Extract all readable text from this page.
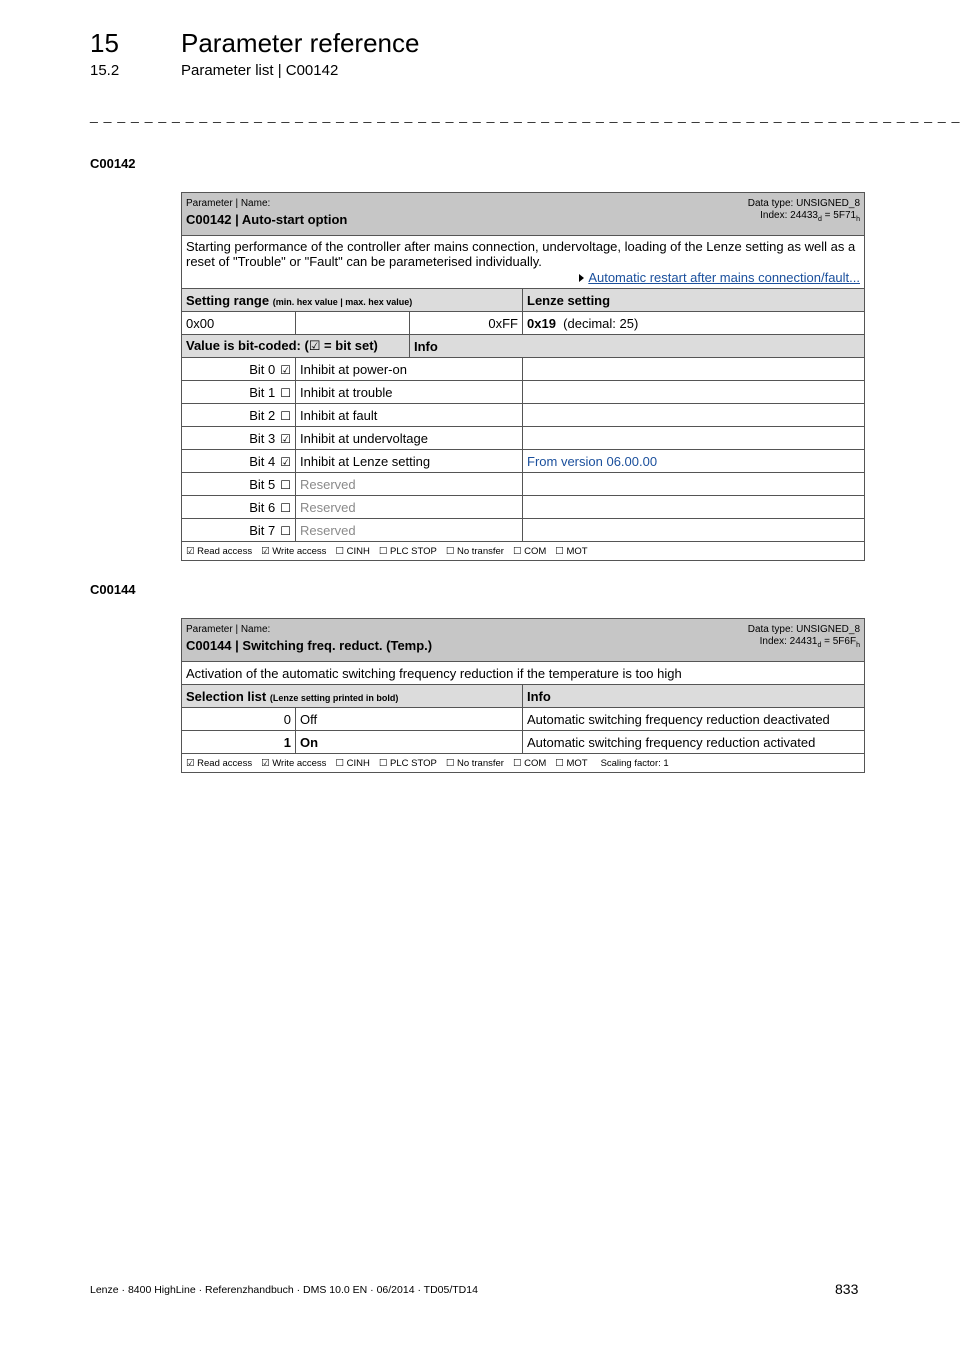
15 Parameter reference
15.2	Parameter list | C00142
_ _ _ _ _ _ _ _ _ _ _ _ _ _ _ _ _ _ _ _ _ _ _ _ _ _ _ _ _ _ _ _ _ _ _ _ _ _ _ _ _ _ _ _ _ _ _ _ _ _ _ _ _ _ _ _ _ _ _ _ _ _ _ _
C00142
Parameter | Name:
C00142 | Auto-start option
Data type: UNSIGNED_8
Index: $24433_d = 5F71_h$

Starting performance of the controller after mains connection, undervoltage, loading of the Lenze setting as well as a reset of "Trouble" or "Fault" can be parameterised individually.
Automatic restart after mains connection/fault...			

Setting range (min. hex value | max. hex value)			Lenze setting
0x00		0xFF	0x19 (decimal: 25)
Value is bit-coded: (☑ = bit set)		Info	
Bit 0 ☑	Inhibit at power-on		
Bit 1 ☐	Inhibit at trouble		
Bit 2 ☐	Inhibit at fault		
Bit 3 ☑	Inhibit at undervoltage		
Bit 4 ☑	Inhibit at Lenze setting		From version 06.00.00
Bit 5 ☐	Reserved		
Bit 6 ☐	Reserved		
Bit 7 ☐	Reserved		
☑ Read access ☑ Write access ☐ CINH ☐ PLC STOP ☐ No transfer ☐ COM ☐ MOT			
C00144
Parameter | Name:
C00144 | Switching freq. reduct. (Temp.)
Data type: UNSIGNED_8
Index: $24431_d = 5F6F_h$

Activation of the automatic switching frequency reduction if the temperature is too high		
Selection list (Lenze setting printed in bold)		Info
0	Off	Automatic switching frequency reduction deactivated
1	On	Automatic switching frequency reduction activated
☑ Read access ☑ Write access ☐ CINH ☐ PLC STOP ☐ No transfer ☐ COM ☐ MOT Scaling factor: 1		
Lenze · 8400 HighLine · Referenzhandbuch · DMS 10.0 EN · 06/2014 · TD05/TD14	833
